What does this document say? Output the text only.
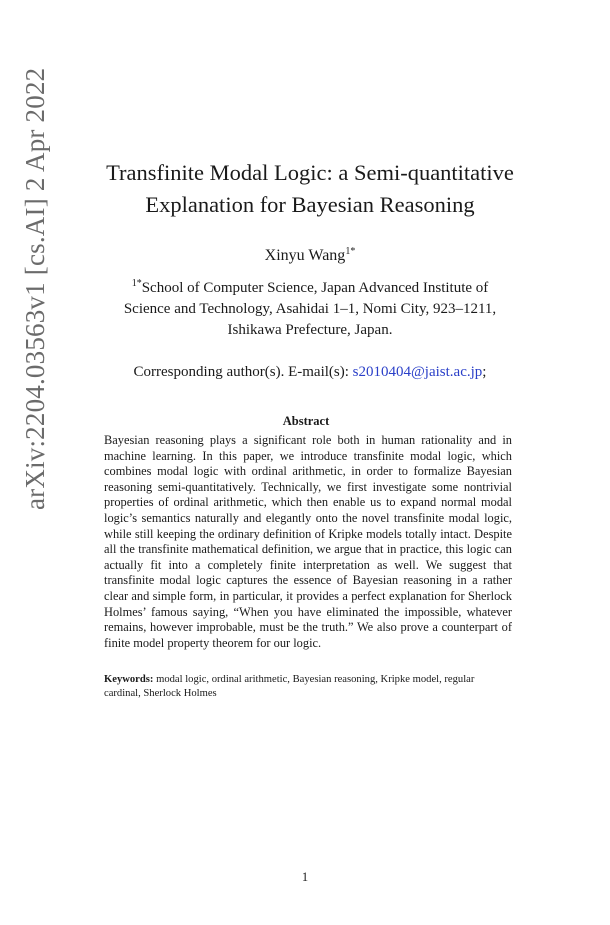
arXiv:2204.03563v1 [cs.AI] 2 Apr 2022	Transfinite Modal Logic: a Semi-quantitative
Explanation for Bayesian Reasoning
Xinyu Wang$^{1*}$
$^{1*}$School of Computer Science, Japan Advanced Institute of
Science and Technology, Asahidai 1–1, Nomi City, 923–1211,
Ishikawa Prefecture, Japan.
Corresponding author(s). E-mail(s): s2010404@jaist.ac.jp;
Abstract

Bayesian reasoning plays a significant role both in human rationality and in machine learning. In this paper, we introduce transfinite modal logic, which combines modal logic with ordinal arithmetic, in order to formalize Bayesian reasoning semi-quantitatively. Technically, we first investigate some nontrivial properties of ordinal arithmetic, which then enable us to expand normal modal logic’s semantics naturally and elegantly onto the novel transfinite modal logic, while still keeping the ordinary definition of Kripke models totally intact. Despite all the transfinite mathematical definition, we argue that in practice, this logic can actually fit into a completely finite interpretation as well. We suggest that transfinite modal logic captures the essence of Bayesian reasoning in a rather clear and simple form, in particular, it provides a perfect explanation for Sherlock Holmes’ famous saying, “When you have eliminated the impossible, whatever remains, however improbable, must be the truth.” We also prove a counterpart of finite model property theorem for our logic.

Keywords: modal logic, ordinal arithmetic, Bayesian reasoning, Kripke model, regular cardinal, Sherlock Holmes

1
